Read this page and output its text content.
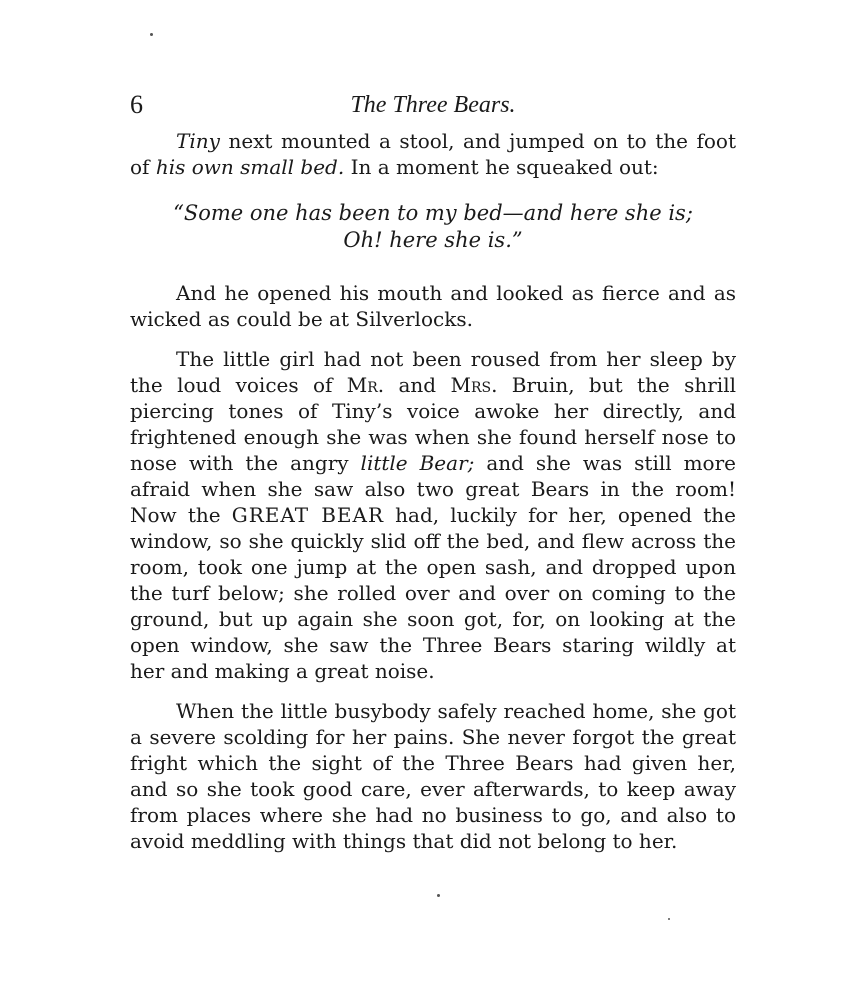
6	The Three Bears.

Tiny next mounted a stool, and jumped on to the foot of his own small bed. In a moment he squeaked out:

“Some one has been to my bed—and here she is;
Oh! here she is.”

And he opened his mouth and looked as fierce and as wicked as could be at Silverlocks.

The little girl had not been roused from her sleep by the loud voices of Mr. and Mrs. Bruin, but the shrill piercing tones of Tiny’s voice awoke her directly, and frightened enough she was when she found herself nose to nose with the angry little Bear; and she was still more afraid when she saw also two great Bears in the room! Now the GREAT BEAR had, luckily for her, opened the window, so she quickly slid off the bed, and flew across the room, took one jump at the open sash, and dropped upon the turf below; she rolled over and over on coming to the ground, but up again she soon got, for, on looking at the open window, she saw the Three Bears staring wildly at her and making a great noise.

When the little busybody safely reached home, she got a severe scolding for her pains. She never forgot the great fright which the sight of the Three Bears had given her, and so she took good care, ever afterwards, to keep away from places where she had no business to go, and also to avoid meddling with things that did not belong to her.
